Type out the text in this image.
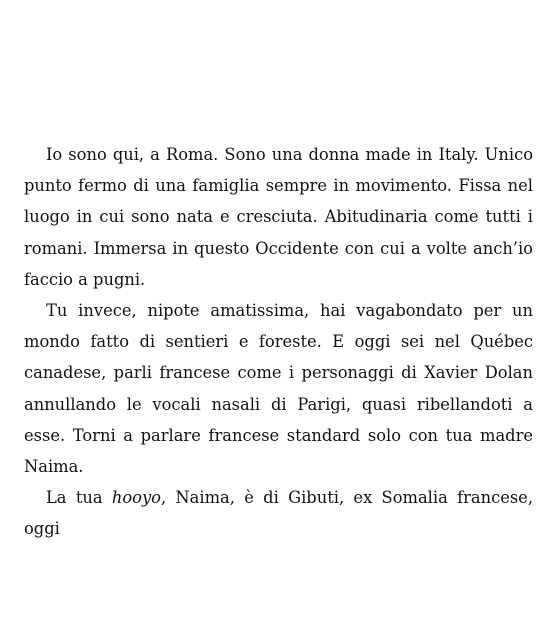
Io sono qui, a Roma. Sono una donna made in Italy. Unico punto fermo di una famiglia sempre in movimento. Fissa nel luogo in cui sono nata e cresciuta. Abitudinaria come tutti i romani. Immersa in questo Occidente con cui a volte anch’io faccio a pugni.

Tu invece, nipote amatissima, hai vagabondato per un mondo fatto di sentieri e foreste. E oggi sei nel Québec canadese, parli francese come i personaggi di Xavier Dolan annullando le vocali nasali di Parigi, quasi ribellandoti a esse. Torni a parlare francese standard solo con tua madre Naima.

La tua hooyo, Naima, è di Gibuti, ex Somalia francese, oggi
